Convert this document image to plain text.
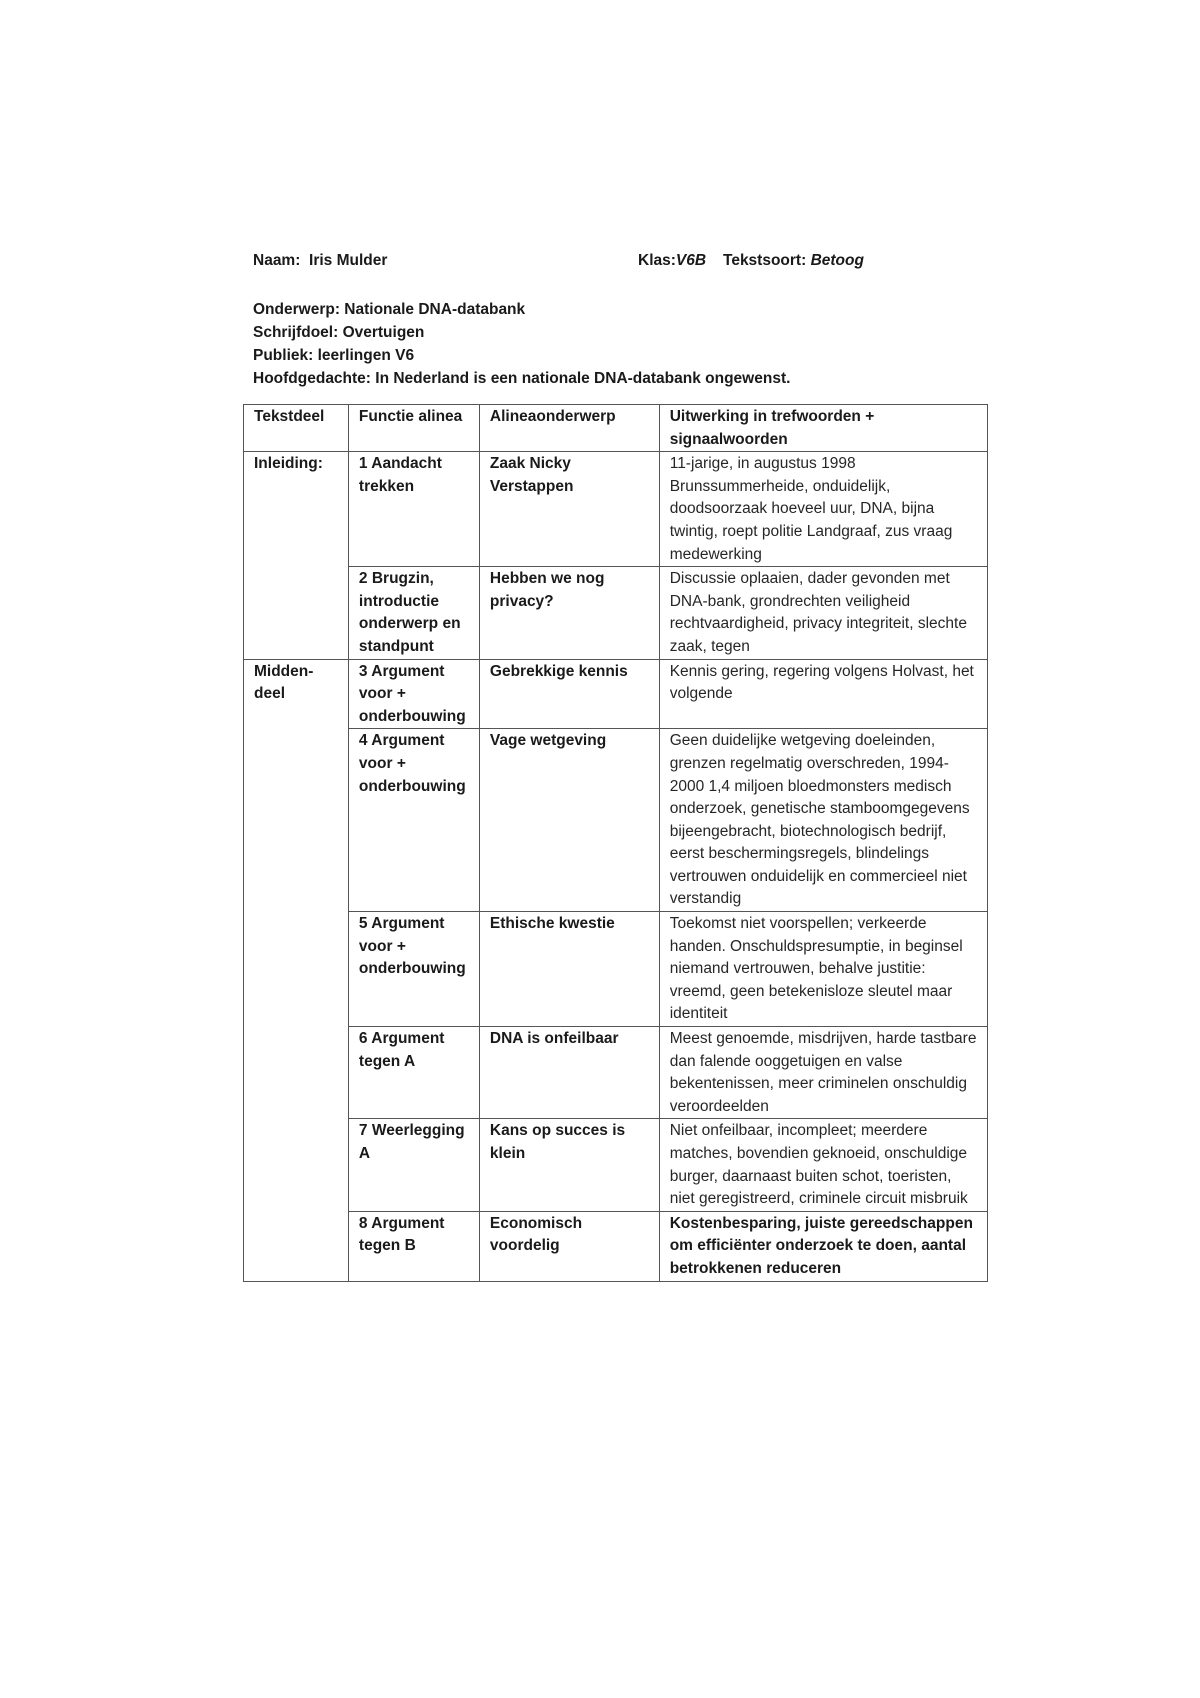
Naam: Iris Mulder	Klas:V6B Tekstsoort: Betoog
Onderwerp: Nationale DNA-databank
Schrijfdoel: Overtuigen
Publiek: leerlingen V6
Hoofdgedachte: In Nederland is een nationale DNA-databank ongewenst.
Tekstdeel	Functie alinea	Alineaonderwerp	Uitwerking in trefwoorden + signaalwoorden
Inleiding:	1 Aandacht trekken	Zaak Nicky Verstappen	11-jarige, in augustus 1998 Brunssummerheide, onduidelijk, doodsoorzaak hoeveel uur, DNA, bijna twintig, roept politie Landgraaf, zus vraag medewerking
	2 Brugzin, introductie onderwerp en standpunt	Hebben we nog privacy?	Discussie oplaaien, dader gevonden met DNA-bank, grondrechten veiligheid rechtvaardigheid, privacy integriteit, slechte zaak, tegen
Midden-deel	3 Argument voor + onderbouwing	Gebrekkige kennis	Kennis gering, regering volgens Holvast, het volgende
	4 Argument voor + onderbouwing	Vage wetgeving	Geen duidelijke wetgeving doeleinden, grenzen regelmatig overschreden, 1994-2000 1,4 miljoen bloedmonsters medisch onderzoek, genetische stamboomgegevens bijeengebracht, biotechnologisch bedrijf, eerst beschermingsregels, blindelings vertrouwen onduidelijk en commercieel niet verstandig
	5 Argument voor + onderbouwing	Ethische kwestie	Toekomst niet voorspellen; verkeerde handen. Onschuldspresumptie, in beginsel niemand vertrouwen, behalve justitie: vreemd, geen betekenisloze sleutel maar identiteit
	6 Argument tegen A	DNA is onfeilbaar	Meest genoemde, misdrijven, harde tastbare dan falende ooggetuigen en valse bekentenissen, meer criminelen onschuldig veroordeelden
	7 Weerlegging A	Kans op succes is klein	Niet onfeilbaar, incompleet; meerdere matches, bovendien geknoeid, onschuldige burger, daarnaast buiten schot, toeristen, niet geregistreerd, criminele circuit misbruik
	8 Argument tegen B	Economisch voordelig	Kostenbesparing, juiste gereedschappen om efficiënter onderzoek te doen, aantal betrokkenen reduceren
